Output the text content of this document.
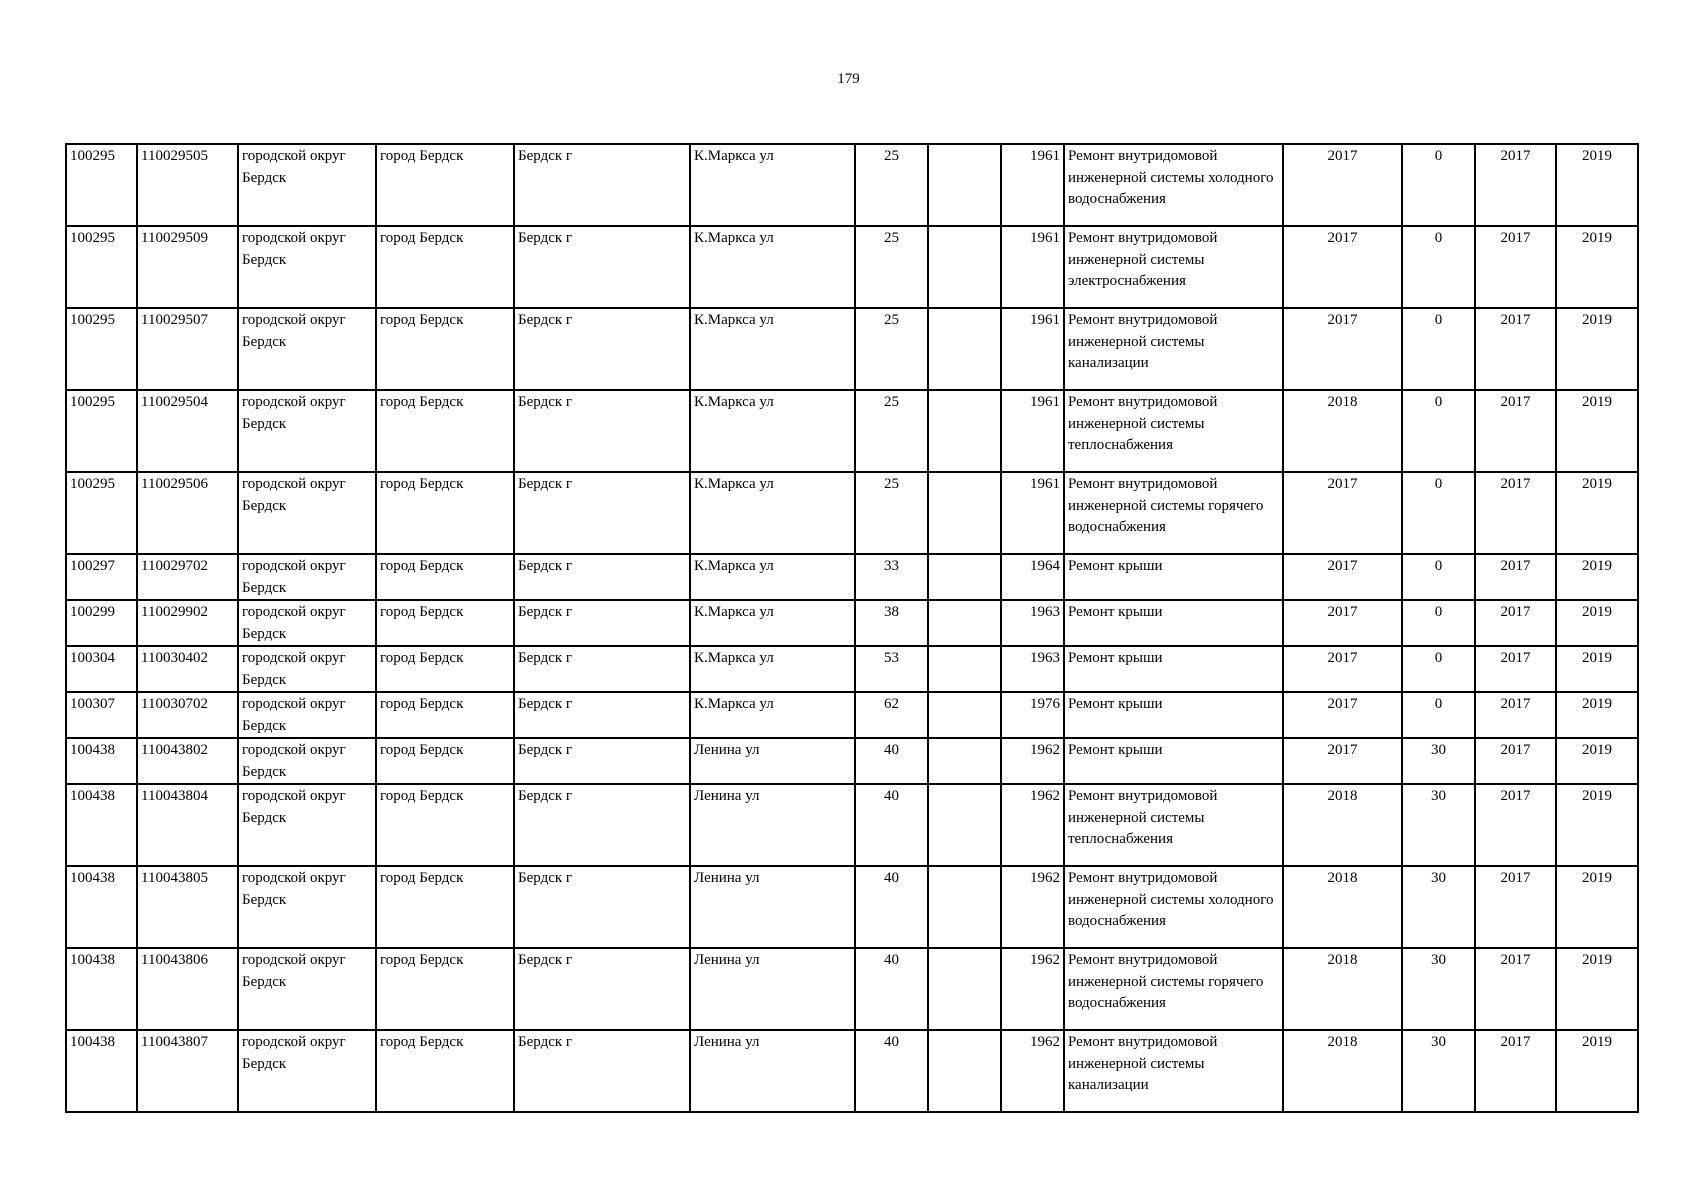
179
100295	110029505	городской округ Бердск	город Бердск	Бердск г	К.Маркса ул	25		1961	Ремонт внутридомовой инженерной системы холодного водоснабжения	2017	0	2017	2019
100295	110029509	городской округ Бердск	город Бердск	Бердск г	К.Маркса ул	25		1961	Ремонт внутридомовой инженерной системы электроснабжения	2017	0	2017	2019
100295	110029507	городской округ Бердск	город Бердск	Бердск г	К.Маркса ул	25		1961	Ремонт внутридомовой инженерной системы канализации	2017	0	2017	2019
100295	110029504	городской округ Бердск	город Бердск	Бердск г	К.Маркса ул	25		1961	Ремонт внутридомовой инженерной системы теплоснабжения	2018	0	2017	2019
100295	110029506	городской округ Бердск	город Бердск	Бердск г	К.Маркса ул	25		1961	Ремонт внутридомовой инженерной системы горячего водоснабжения	2017	0	2017	2019
100297	110029702	городской округ Бердск	город Бердск	Бердск г	К.Маркса ул	33		1964	Ремонт крыши	2017	0	2017	2019
100299	110029902	городской округ Бердск	город Бердск	Бердск г	К.Маркса ул	38		1963	Ремонт крыши	2017	0	2017	2019
100304	110030402	городской округ Бердск	город Бердск	Бердск г	К.Маркса ул	53		1963	Ремонт крыши	2017	0	2017	2019
100307	110030702	городской округ Бердск	город Бердск	Бердск г	К.Маркса ул	62		1976	Ремонт крыши	2017	0	2017	2019
100438	110043802	городской округ Бердск	город Бердск	Бердск г	Ленина ул	40		1962	Ремонт крыши	2017	30	2017	2019
100438	110043804	городской округ Бердск	город Бердск	Бердск г	Ленина ул	40		1962	Ремонт внутридомовой инженерной системы теплоснабжения	2018	30	2017	2019
100438	110043805	городской округ Бердск	город Бердск	Бердск г	Ленина ул	40		1962	Ремонт внутридомовой инженерной системы холодного водоснабжения	2018	30	2017	2019
100438	110043806	городской округ Бердск	город Бердск	Бердск г	Ленина ул	40		1962	Ремонт внутридомовой инженерной системы горячего водоснабжения	2018	30	2017	2019
100438	110043807	городской округ Бердск	город Бердск	Бердск г	Ленина ул	40		1962	Ремонт внутридомовой инженерной системы канализации	2018	30	2017	2019
